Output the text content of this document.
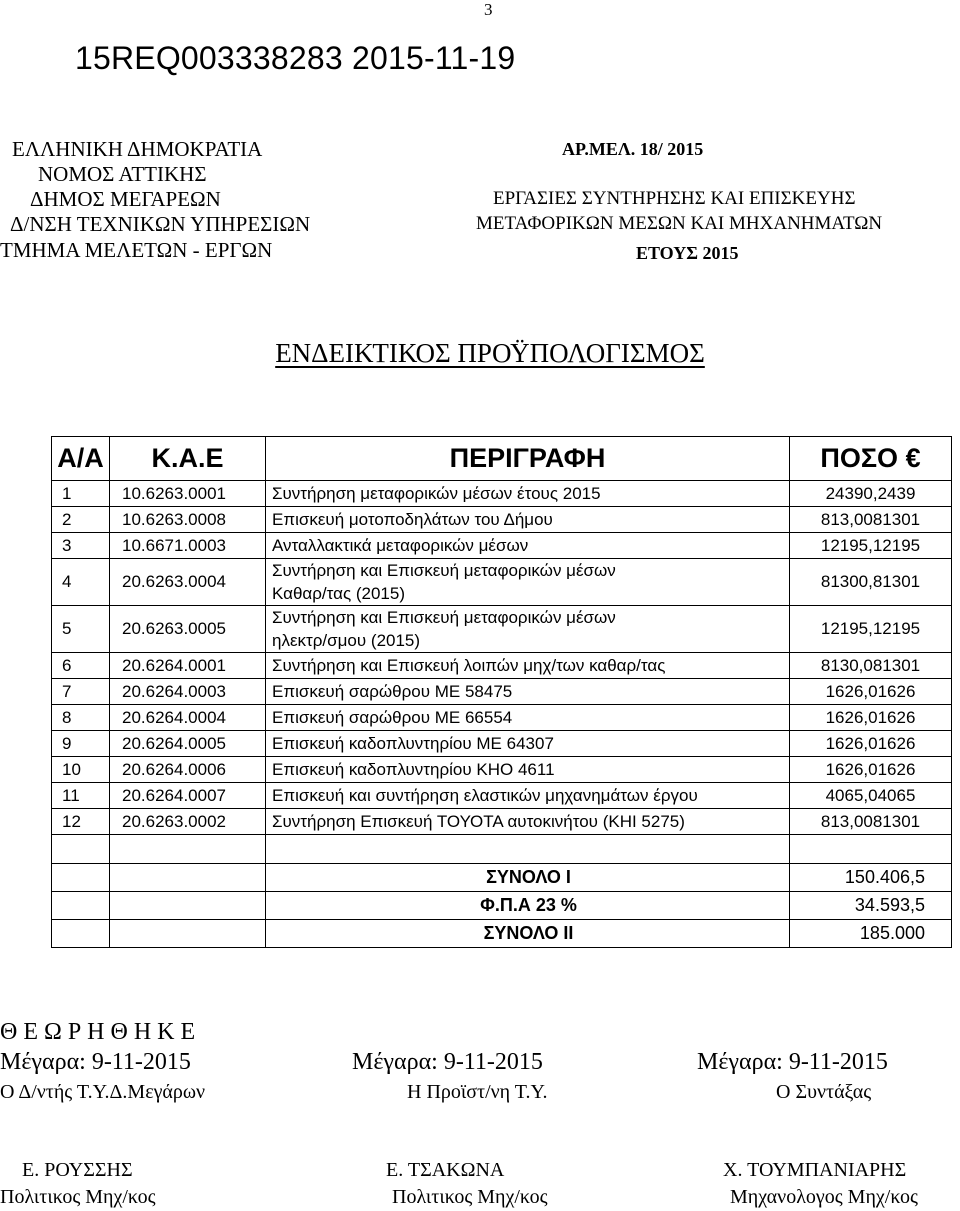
3
15REQ003338283 2015-11-19
ΕΛΛΗΝΙΚΗ ΔΗΜΟΚΡΑΤΙΑ
ΝΟΜΟΣ ΑΤΤΙΚΗΣ
ΔΗΜΟΣ ΜΕΓΑΡΕΩΝ
Δ/ΝΣΗ ΤΕΧΝΙΚΩΝ ΥΠΗΡΕΣΙΩΝ
ΤΜΗΜΑ ΜΕΛΕΤΩΝ - ΕΡΓΩΝ
ΑΡ.ΜΕΛ. 18/ 2015
ΕΡΓΑΣΙΕΣ ΣΥΝΤΗΡΗΣΗΣ ΚΑΙ ΕΠΙΣΚΕΥΗΣ
ΜΕΤΑΦΟΡΙΚΩΝ ΜΕΣΩΝ ΚΑΙ ΜΗΧΑΝΗΜΑΤΩΝ
ΕΤΟΥΣ 2015
ΕΝΔΕΙΚΤΙΚΟΣ ΠΡΟΫΠΟΛΟΓΙΣΜΟΣ
Α/Α	Κ.Α.Ε	ΠΕΡΙΓΡΑΦΗ	ΠΟΣΟ €
1	10.6263.0001	Συντήρηση μεταφορικών μέσων έτους 2015	24390,2439
2	10.6263.0008	Επισκευή μοτοποδηλάτων του Δήμου	813,0081301
3	10.6671.0003	Ανταλλακτικά μεταφορικών μέσων	12195,12195
4	20.6263.0004	Συντήρηση και Επισκευή μεταφορικών μέσων
Καθαρ/τας (2015)	81300,81301
5	20.6263.0005	Συντήρηση και Επισκευή μεταφορικών μέσων
ηλεκτρ/σμου (2015)	12195,12195
6	20.6264.0001	Συντήρηση και Επισκευή λοιπών μηχ/των καθαρ/τας	8130,081301
7	20.6264.0003	Επισκευή σαρώθρου ΜΕ 58475	1626,01626
8	20.6264.0004	Επισκευή σαρώθρου ΜΕ 66554	1626,01626
9	20.6264.0005	Επισκευή καδοπλυντηρίου ΜΕ 64307	1626,01626
10	20.6264.0006	Επισκευή καδοπλυντηρίου ΚΗΟ 4611	1626,01626
11	20.6264.0007	Επισκευή και συντήρηση ελαστικών μηχανημάτων έργου	4065,04065
12	20.6263.0002	Συντήρηση Επισκευή ΤΟΥΟΤΑ αυτοκινήτου (ΚΗΙ 5275)	813,0081301

		ΣΥΝΟΛΟ Ι	150.406,5
		Φ.Π.Α 23 %	34.593,5
		ΣΥΝΟΛΟ ΙΙ	185.000
Θ Ε Ω Ρ Η Θ Η Κ Ε
Μέγαρα: 9-11-2015	Μέγαρα: 9-11-2015	Μέγαρα: 9-11-2015
Ο Δ/ντής Τ.Υ.Δ.Μεγάρων	Η Προϊστ/νη Τ.Υ.	Ο Συντάξας
Ε. ΡΟΥΣΣΗΣ	Ε. ΤΣΑΚΩΝΑ	Χ. ΤΟΥΜΠΑΝΙΑΡΗΣ
Πολιτικος Μηχ/κος	Πολιτικος Μηχ/κος	Μηχανολογος Μηχ/κος
